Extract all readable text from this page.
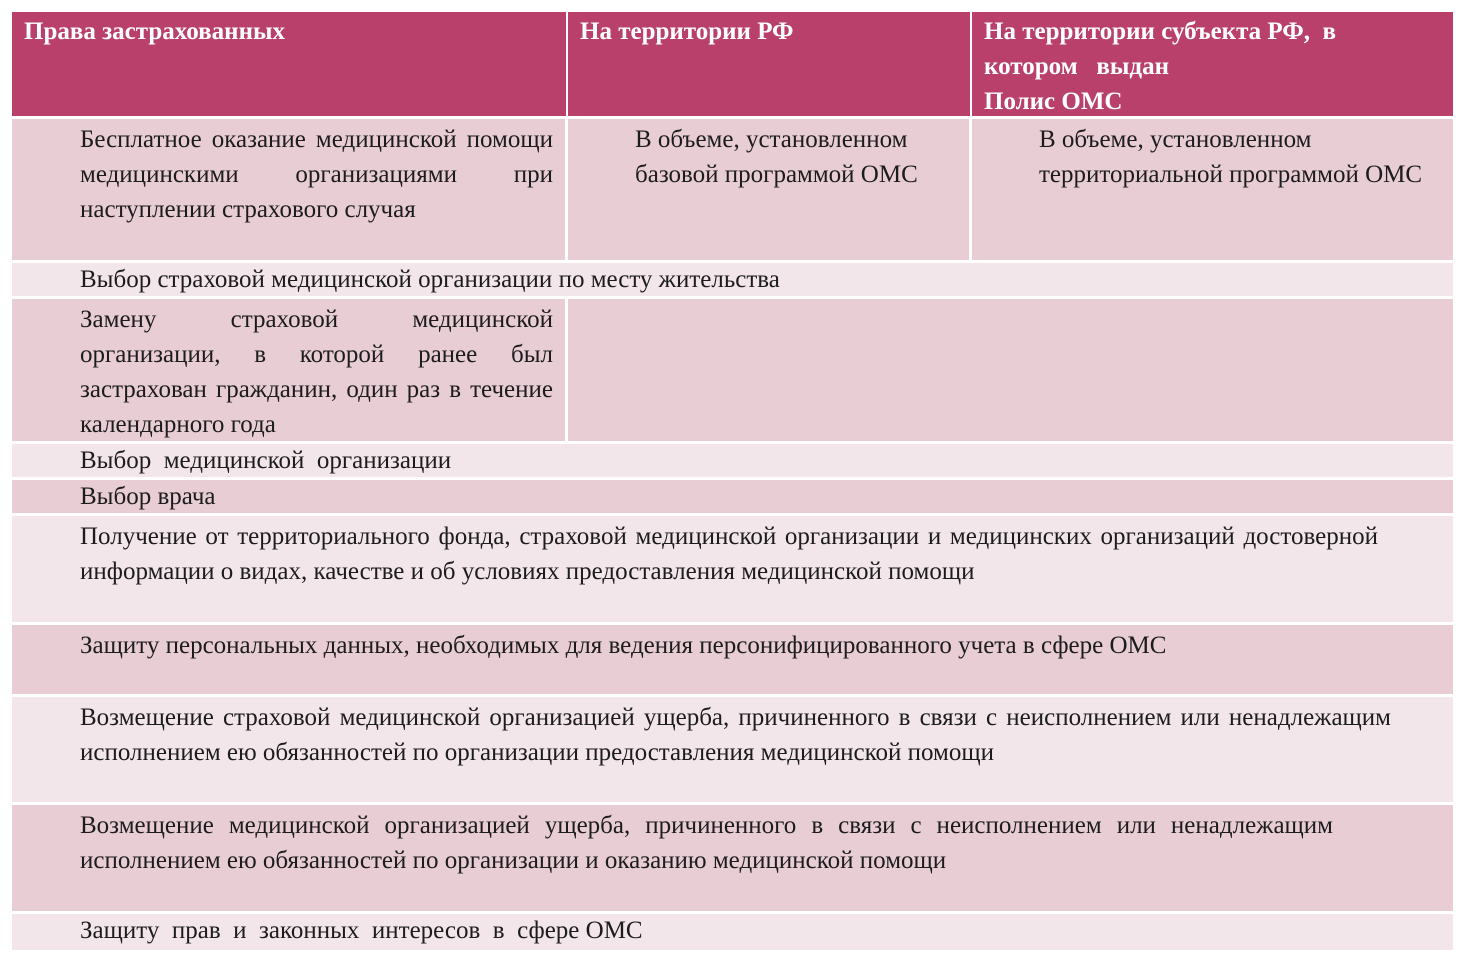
Права застрахованных	На территории РФ	На территории субъекта РФ,  в
котором   выдан
Полис ОМС
Бесплатное оказание медицинской помощи медицинскими организациями при наступлении страхового случая
В объеме, установленном базовой программой ОМС
В объеме, установленном территориальной программой ОМС
Выбор страховой медицинской организации по месту жительства
Замену страховой медицинской организации, в которой ранее был застрахован гражданин, один раз в течение календарного года
Выбор  медицинской  организации
Выбор врача
Получение от территориального фонда, страховой медицинской организации и медицинских организаций достоверной информации о видах, качестве и об условиях предоставления медицинской помощи
Защиту персональных данных, необходимых для ведения персонифицированного учета в сфере ОМС
Возмещение страховой медицинской организацией ущерба, причиненного в связи с неисполнением или ненадлежащим исполнением ею обязанностей по организации предоставления медицинской помощи
Возмещение медицинской организацией ущерба, причиненного в связи с неисполнением или ненадлежащим исполнением ею обязанностей по организации и оказанию медицинской помощи
Защиту  прав  и  законных  интересов  в  сфере ОМС
